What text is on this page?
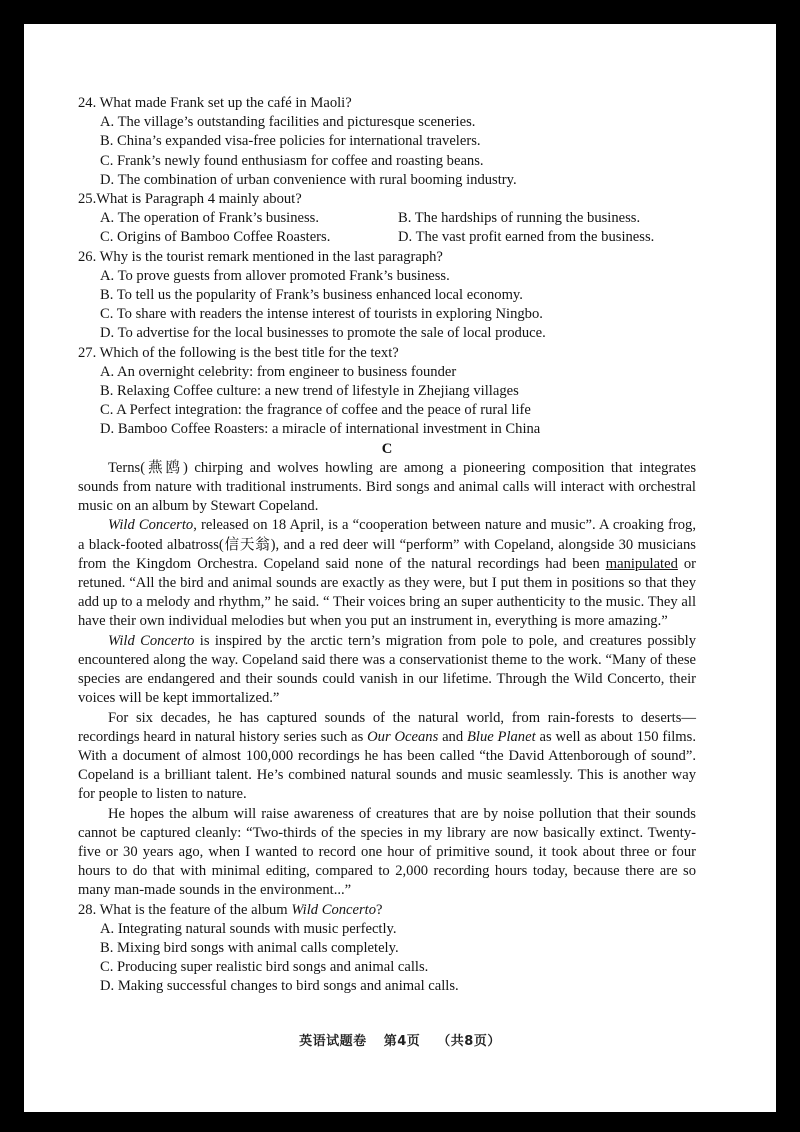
24. What made Frank set up the café in Maoli?

A. The village’s outstanding facilities and picturesque sceneries.

B. China’s expanded visa-free policies for international travelers.

C. Frank’s newly found enthusiasm for coffee and roasting beans.

D. The combination of urban convenience with rural booming industry.

25.What is Paragraph 4 mainly about?

A. The operation of Frank’s business.	B. The hardships of running the business.
C. Origins of Bamboo Coffee Roasters.	D. The vast profit earned from the business.

26. Why is the tourist remark mentioned in the last paragraph?

A. To prove guests from allover promoted Frank’s business.

B. To tell us the popularity of Frank’s business enhanced local economy.

C. To share with readers the intense interest of tourists in exploring Ningbo.

D. To advertise for the local businesses to promote the sale of local produce.

27. Which of the following is the best title for the text?

A. An overnight celebrity: from engineer to business founder

B. Relaxing Coffee culture: a new trend of lifestyle in Zhejiang villages

C. A Perfect integration: the fragrance of coffee and the peace of rural life

D. Bamboo Coffee Roasters: a miracle of international investment in China

C

Terns(燕鸥) chirping and wolves howling are among a pioneering composition that integrates sounds from nature with traditional instruments. Bird songs and animal calls will interact with orchestral music on an album by Stewart Copeland.

Wild Concerto, released on 18 April, is a “cooperation between nature and music”. A croaking frog, a black-footed albatross(信天翁), and a red deer will “perform” with Copeland, alongside 30 musicians from the Kingdom Orchestra. Copeland said none of the natural recordings had been manipulated or retuned. “All the bird and animal sounds are exactly as they were, but I put them in positions so that they add up to a melody and rhythm,” he said. “ Their voices bring an super authenticity to the music. They all have their own individual melodies but when you put an instrument in, everything is more amazing.”

Wild Concerto is inspired by the arctic tern’s migration from pole to pole, and creatures possibly encountered along the way. Copeland said there was a conservationist theme to the work. “Many of these species are endangered and their sounds could vanish in our lifetime. Through the Wild Concerto, their voices will be kept immortalized.”

For six decades, he has captured sounds of the natural world, from rain-forests to deserts—recordings heard in natural history series such as Our Oceans and Blue Planet as well as about 150 films. With a document of almost 100,000 recordings he has been called “the David Attenborough of sound”. Copeland is a brilliant talent. He’s combined natural sounds and music seamlessly. This is another way for people to listen to nature.

He hopes the album will raise awareness of creatures that are by noise pollution that their sounds cannot be captured cleanly: “Two-thirds of the species in my library are now basically extinct. Twenty-five or 30 years ago, when I wanted to record one hour of primitive sound, it took about three or four hours to do that with minimal editing, compared to 2,000 recording hours today, because there are so many man-made sounds in the environment...”

28. What is the feature of the album Wild Concerto?

A. Integrating natural sounds with music perfectly.

B. Mixing bird songs with animal calls completely.

C. Producing super realistic bird songs and animal calls.

D. Making successful changes to bird songs and animal calls.

英语试题卷 第4页 （共8页）
